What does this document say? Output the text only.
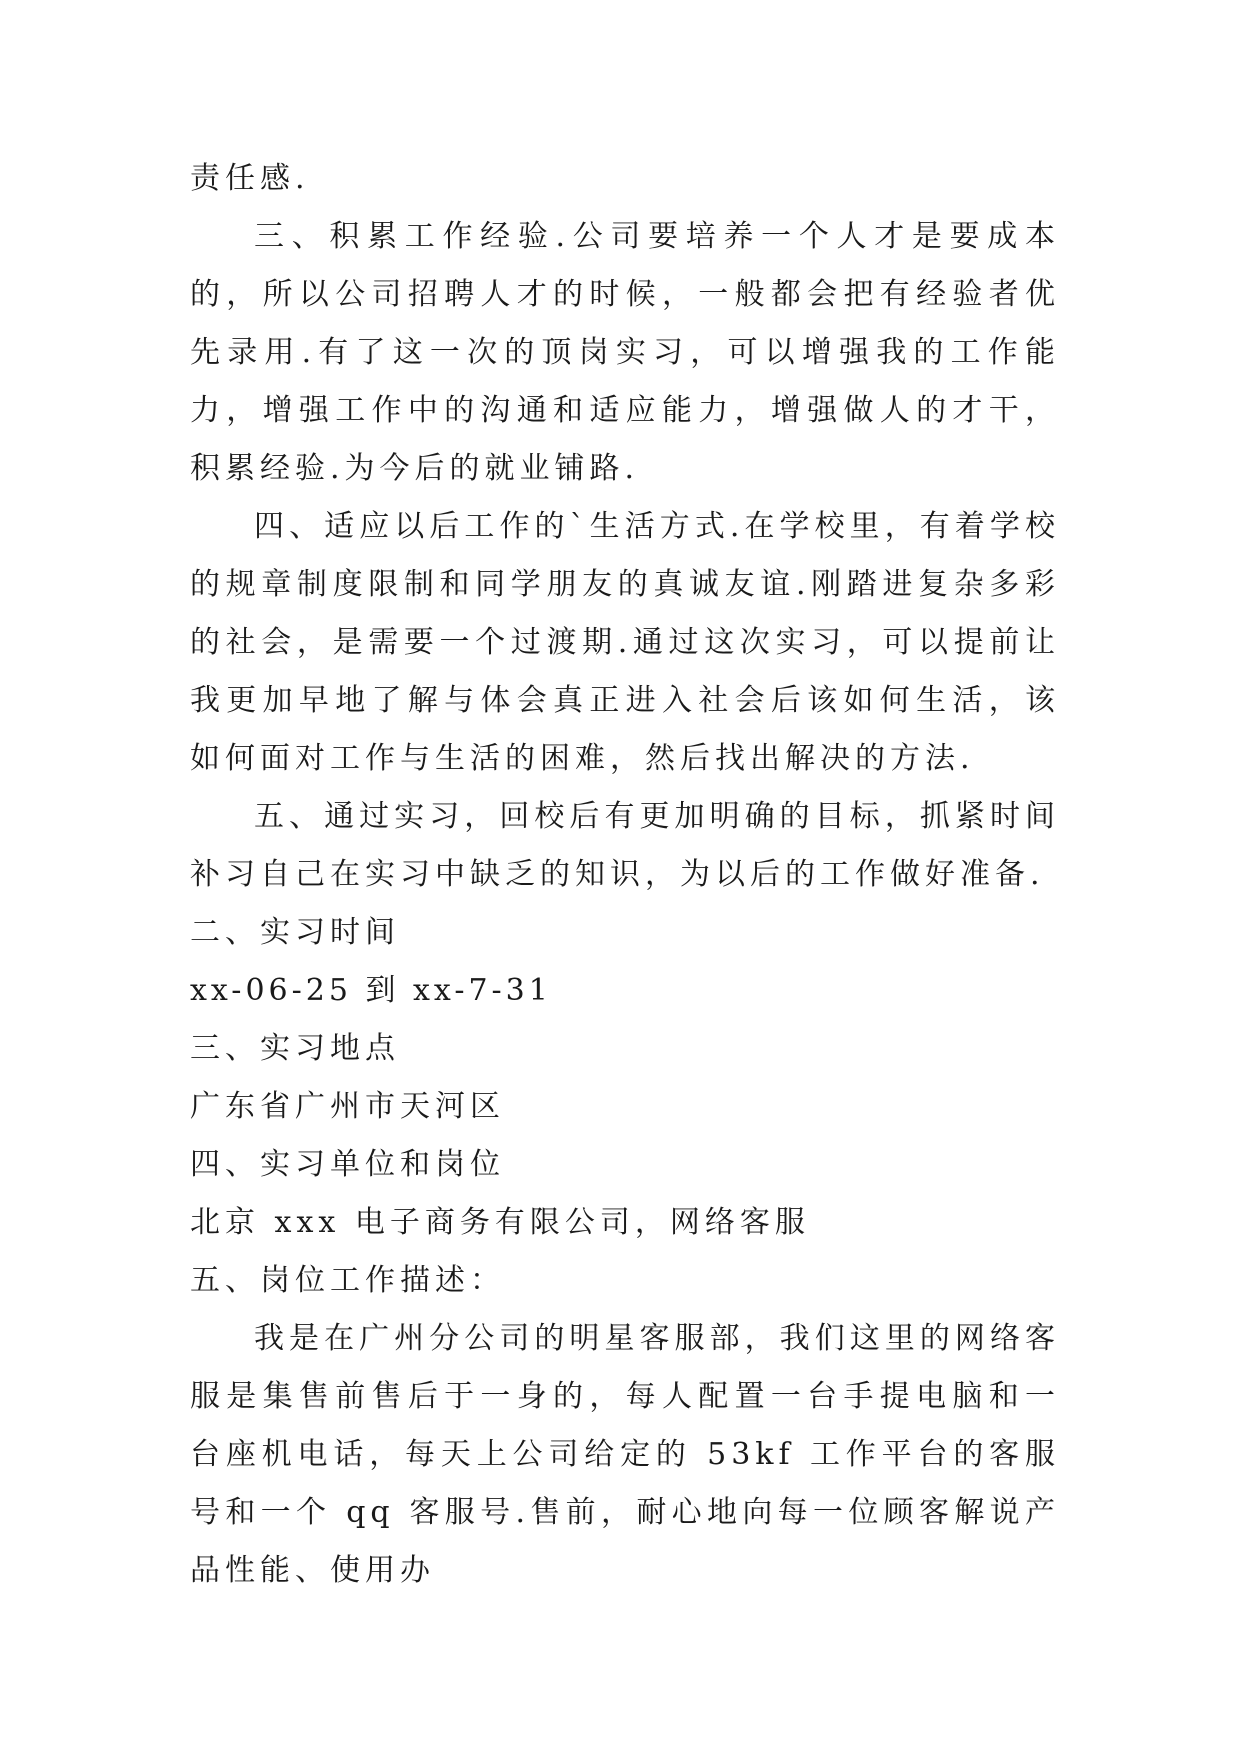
责任感.

三、积累工作经验.公司要培养一个人才是要成本的，所以公司招聘人才的时候，一般都会把有经验者优先录用.有了这一次的顶岗实习，可以增强我的工作能力，增强工作中的沟通和适应能力，增强做人的才干，积累经验.为今后的就业铺路.

四、适应以后工作的`生活方式.在学校里，有着学校的规章制度限制和同学朋友的真诚友谊.刚踏进复杂多彩的社会，是需要一个过渡期.通过这次实习，可以提前让我更加早地了解与体会真正进入社会后该如何生活，该如何面对工作与生活的困难，然后找出解决的方法.

五、通过实习，回校后有更加明确的目标，抓紧时间补习自己在实习中缺乏的知识，为以后的工作做好准备.

二、实习时间

xx-06-25 到 xx-7-31

三、实习地点

广东省广州市天河区

四、实习单位和岗位

北京 xxx 电子商务有限公司，网络客服

五、岗位工作描述：

我是在广州分公司的明星客服部，我们这里的网络客服是集售前售后于一身的，每人配置一台手提电脑和一台座机电话，每天上公司给定的 53kf 工作平台的客服号和一个 qq 客服号.售前，耐心地向每一位顾客解说产品性能、使用办
